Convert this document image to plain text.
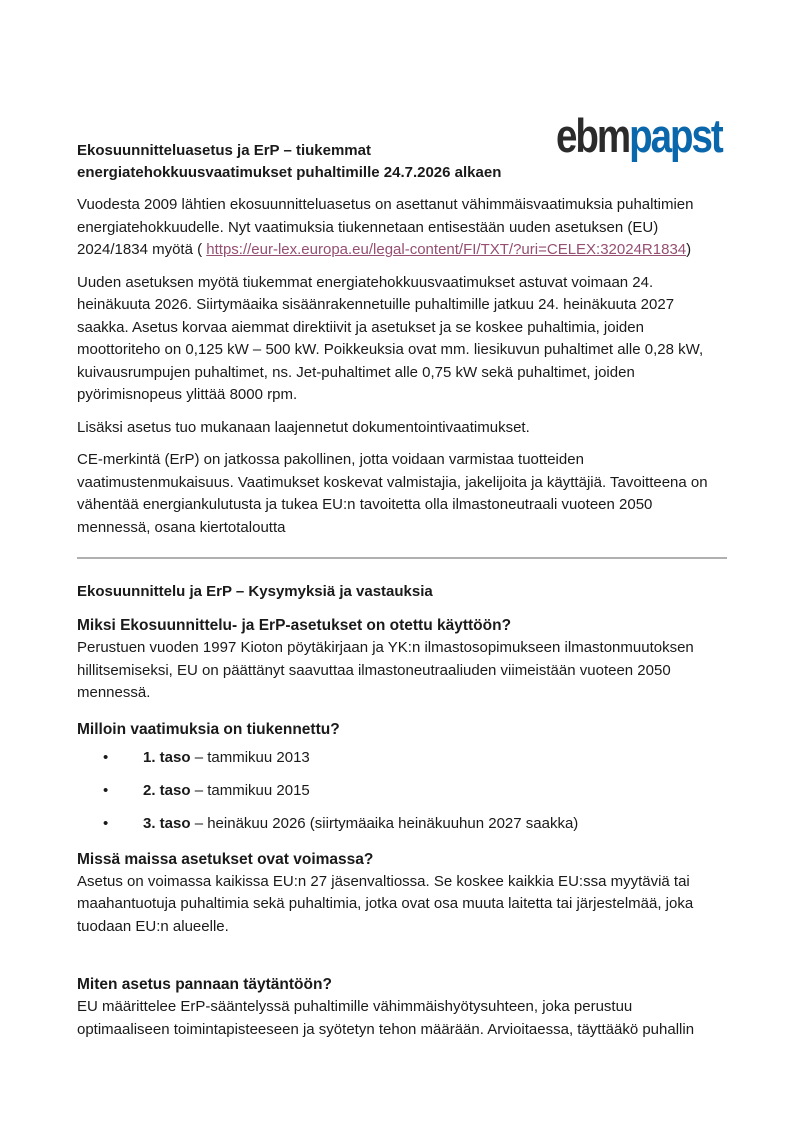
ebmpapst
Ekosuunnitteluasetus ja ErP – tiukemmat
energiatehokkuusvaatimukset puhaltimille 24.7.2026 alkaen

Vuodesta 2009 lähtien ekosuunnitteluasetus on asettanut vähimmäisvaatimuksia puhaltimien energiatehokkuudelle. Nyt vaatimuksia tiukennetaan entisestään uuden asetuksen (EU) 2024/1834 myötä ( https://eur-lex.europa.eu/legal-content/FI/TXT/?uri=CELEX:32024R1834)

Uuden asetuksen myötä tiukemmat energiatehokkuusvaatimukset astuvat voimaan 24. heinäkuuta 2026. Siirtymäaika sisäänrakennetuille puhaltimille jatkuu 24. heinäkuuta 2027 saakka. Asetus korvaa aiemmat direktiivit ja asetukset ja se koskee puhaltimia, joiden moottoriteho on 0,125 kW – 500 kW. Poikkeuksia ovat mm. liesikuvun puhaltimet alle 0,28 kW, kuivausrumpujen puhaltimet, ns. Jet-puhaltimet alle 0,75 kW sekä puhaltimet, joiden pyörimisnopeus ylittää 8000 rpm.

Lisäksi asetus tuo mukanaan laajennetut dokumentointivaatimukset.

CE-merkintä (ErP) on jatkossa pakollinen, jotta voidaan varmistaa tuotteiden vaatimustenmukaisuus. Vaatimukset koskevat valmistajia, jakelijoita ja käyttäjiä. Tavoitteena on vähentää energiankulutusta ja tukea EU:n tavoitetta olla ilmastoneutraali vuoteen 2050 mennessä, osana kiertotaloutta

Ekosuunnittelu ja ErP – Kysymyksiä ja vastauksia
Miksi Ekosuunnittelu- ja ErP-asetukset on otettu käyttöön?

Perustuen vuoden 1997 Kioton pöytäkirjaan ja YK:n ilmastosopimukseen ilmastonmuutoksen hillitsemiseksi, EU on päättänyt saavuttaa ilmastoneutraaliuden viimeistään vuoteen 2050 mennessä.

Milloin vaatimuksia on tiukennettu?
• 1. taso – tammikuu 2013
• 2. taso – tammikuu 2015
• 3. taso – heinäkuu 2026 (siirtymäaika heinäkuuhun 2027 saakka)
Missä maissa asetukset ovat voimassa?

Asetus on voimassa kaikissa EU:n 27 jäsenvaltiossa. Se koskee kaikkia EU:ssa myytäviä tai maahantuotuja puhaltimia sekä puhaltimia, jotka ovat osa muuta laitetta tai järjestelmää, joka tuodaan EU:n alueelle.

Miten asetus pannaan täytäntöön?

EU määrittelee ErP-sääntelyssä puhaltimille vähimmäishyötysuhteen, joka perustuu optimaaliseen toimintapisteeseen ja syötetyn tehon määrään. Arvioitaessa, täyttääkö puhallin
